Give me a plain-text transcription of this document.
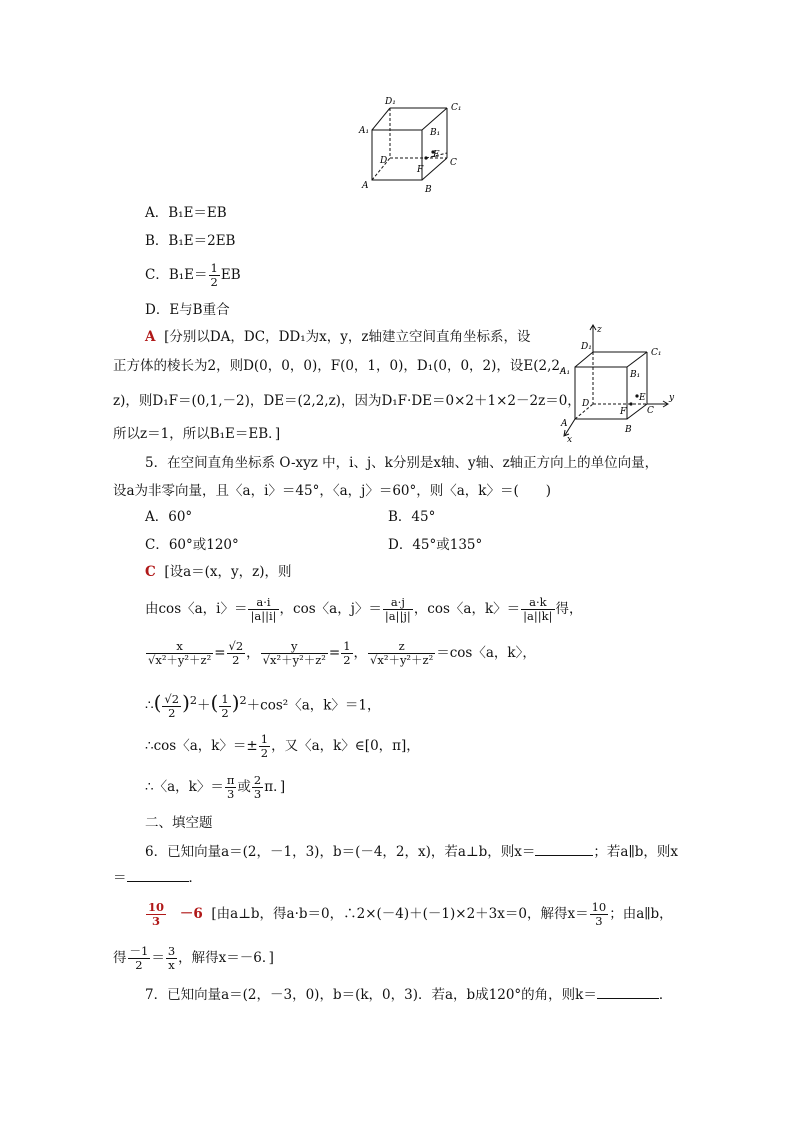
D₁
C₁
A₁	B₁
D
E
C
F
A	B
A．B₁E＝EB
B．B₁E＝2EB
C．$B_1E= \frac{1}{2}$ EB
D．E与B重合
A [分别以DA，DC，DD₁为x，y，z轴建立空间直角坐标系，设
正方体的棱长为2，则D(0，0，0)，F(0，1，0)，D₁(0，0，2)，设E(2,2,
z)，则D₁F＝(0,1,－2)，DE＝(2,2,z)，因为D₁F·DE＝0×2＋1×2－2z＝0，
所以z＝1，所以B₁E＝EB．]
z
D₁
C₁
A₁	B₁
D
E
F C
y
A
B
x
5．在空间直角坐标系 O-xyz 中，i、j、k分别是x轴、y轴、z轴正方向上的单位向量，
设a为非零向量，且〈a，i〉＝45°，〈a，j〉＝60°，则〈a，k〉＝(　　)
A．60°	B．45°
C．60°或120°	D．45°或135°
C [设a＝(x，y，z)，则
由cos〈a，i〉＝ $\frac{a\cdot i}{|a||i|}$ ，cos〈a，j〉＝ $\frac{a\cdot j}{|a||j|}$ ，cos〈a，k〉＝ $\frac{a\cdot k}{|a||k|}$ 得，
$\frac{x}{\text{√x²＋y²＋z²}} = \frac{√2}{2}$ ， $\frac{y}{\text{√x²＋y²＋z²}} = \frac{1}{2}$ ， $\frac{z}{\text{√x²＋y²＋z²}} =\cos$〈a，k〉，
∴( $\frac{√2}{2} )^2+( \frac{1}{2} )^2+\cos^2$〈a，k〉＝1，
∴cos〈a，k〉＝± $\frac{1}{2}$ ，又〈a，k〉∈[0，π]，
∴〈a，k〉＝ $\frac{\pi}{3}$ 或 $\frac{2}{3}$ π．]
二、填空题
6．已知向量a＝(2，－1，3)，b＝(－4，2，x)，若a⊥b，则x＝	；若a∥b，则x
＝	．
$\frac{10}{3} -6$ [由a⊥b，得a·b＝0，∴2×(－4)＋(－1)×2＋3x＝0，解得$x= \frac{10}{3}$ ；由a∥b，
得 $\frac{-1}{2} = \frac{3}{x}$ ，解得x＝－6．]
7．已知向量a＝(2，－3，0)，b＝(k，0，3)．若a，b成120°的角，则k＝	．
